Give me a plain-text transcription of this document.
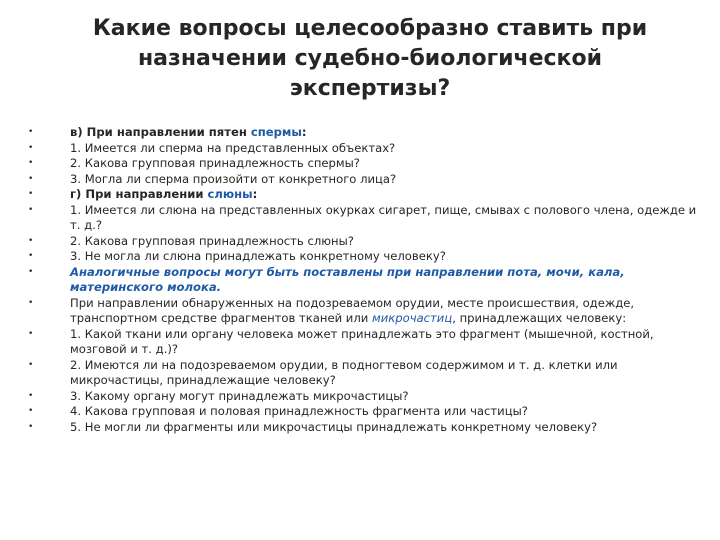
Какие вопросы целесообразно ставить при
назначении судебно-биологической
экспертизы?
•	в) При направлении пятен спермы:
•	1. Имеется ли сперма на представленных объектах?
•	2. Какова групповая принадлежность спермы?
•	3. Могла ли сперма произойти от конкретного лица?
•	г) При направлении слюны:
•	1. Имеется ли слюна на представленных окурках сигарет, пище, смывах с полового члена, одежде и т. д.?
•	2. Какова групповая принадлежность слюны?
•	3. Не могла ли слюна принадлежать конкретному человеку?
•	Аналогичные вопросы могут быть поставлены при направлении пота, мочи, кала, материнского молока.
•	При направлении обнаруженных на подозреваемом орудии, месте происшествия, одежде, транспортном средстве фрагментов тканей или микрочастиц, принадлежащих человеку:
•	1. Какой ткани или органу человека может принадлежать это фрагмент (мышечной, костной, мозговой и т. д.)?
•	2. Имеются ли на подозреваемом орудии, в подногтевом содержимом и т. д. клетки или микрочастицы, принадлежащие человеку?
•	3. Какому органу могут принадлежать микрочастицы?
•	4. Какова групповая и половая принадлежность фрагмента или частицы?
•	5. Не могли ли фрагменты или микрочастицы принадлежать конкретному человеку?
